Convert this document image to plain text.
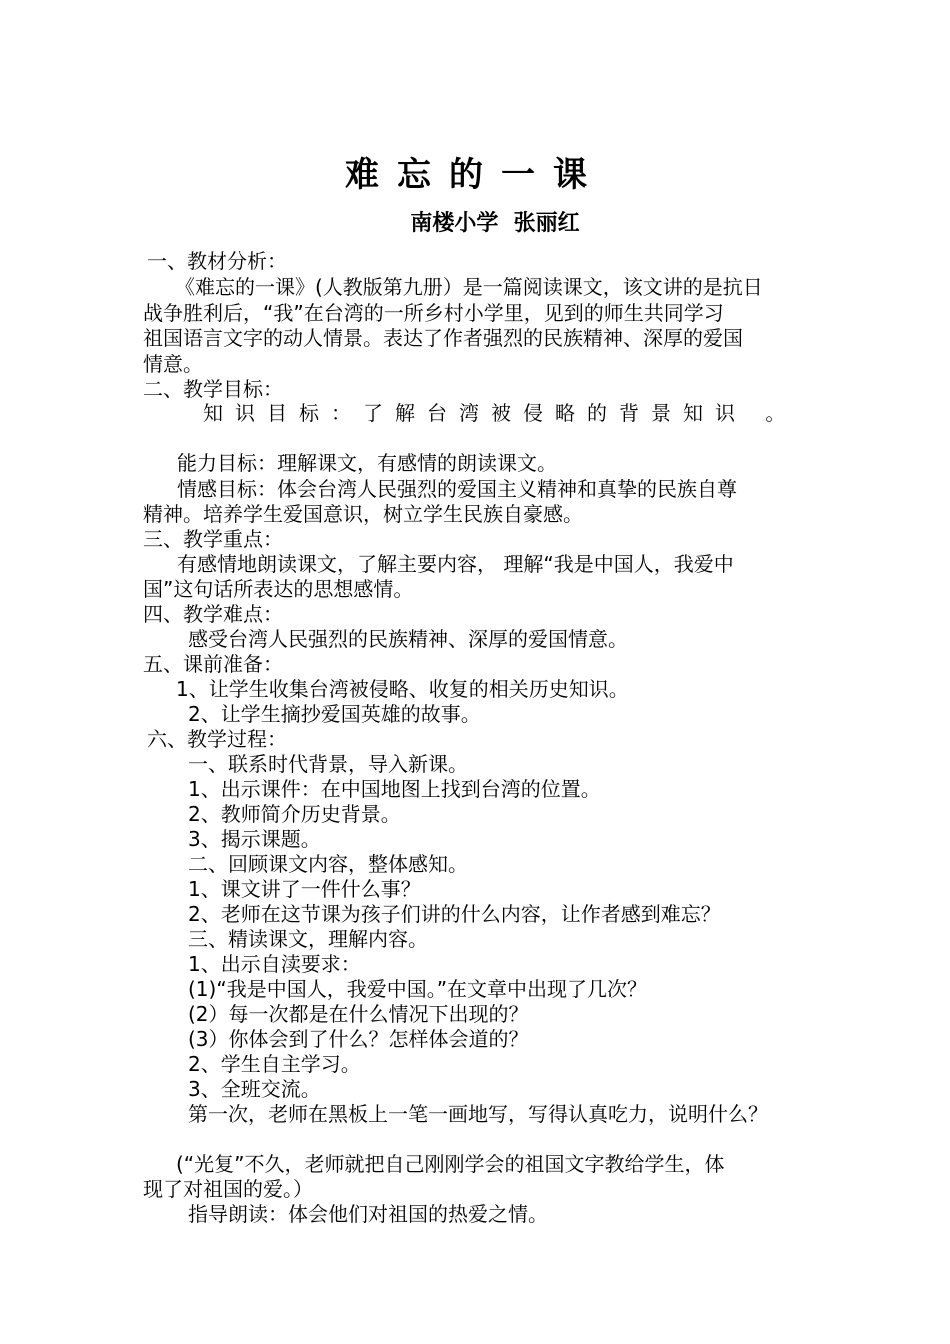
难忘的一课
南楼小学  张丽红
一、教材分析：
《难忘的一课》(人教版第九册）是一篇阅读课文，该文讲的是抗日
战争胜利后，“我”在台湾的一所乡村小学里，见到的师生共同学习
祖国语言文字的动人情景。表达了作者强烈的民族精神、深厚的爱国
情意。
二、教学目标：
知识目标：了解台湾被侵略的背景知识 。
能力目标：理解课文，有感情的朗读课文。
情感目标：体会台湾人民强烈的爱国主义精神和真挚的民族自尊
精神。培养学生爱国意识，树立学生民族自豪感。
三、教学重点：
有感情地朗读课文，了解主要内容， 理解“我是中国人，我爱中
国”这句话所表达的思想感情。
四、教学难点：
感受台湾人民强烈的民族精神、深厚的爱国情意。
五、课前准备：
1、让学生收集台湾被侵略、收复的相关历史知识。
2、让学生摘抄爱国英雄的故事。
六、教学过程：
一、联系时代背景，导入新课。
1、出示课件：在中国地图上找到台湾的位置。
2、教师简介历史背景。
3、揭示课题。
二、回顾课文内容，整体感知。
1、课文讲了一件什么事？
2、老师在这节课为孩子们讲的什么内容，让作者感到难忘？
三、精读课文，理解内容。
1、出示自渎要求：
(1)“我是中国人，我爱中国。”在文章中出现了几次？
(2）每一次都是在什么情况下出现的？
(3）你体会到了什么？怎样体会道的？
2、学生自主学习。
3、全班交流。
第一次，老师在黑板上一笔一画地写，写得认真吃力，说明什么？
(“光复”不久，老师就把自己刚刚学会的祖国文字教给学生，体
现了对祖国的爱。）
指导朗读：体会他们对祖国的热爱之情。
